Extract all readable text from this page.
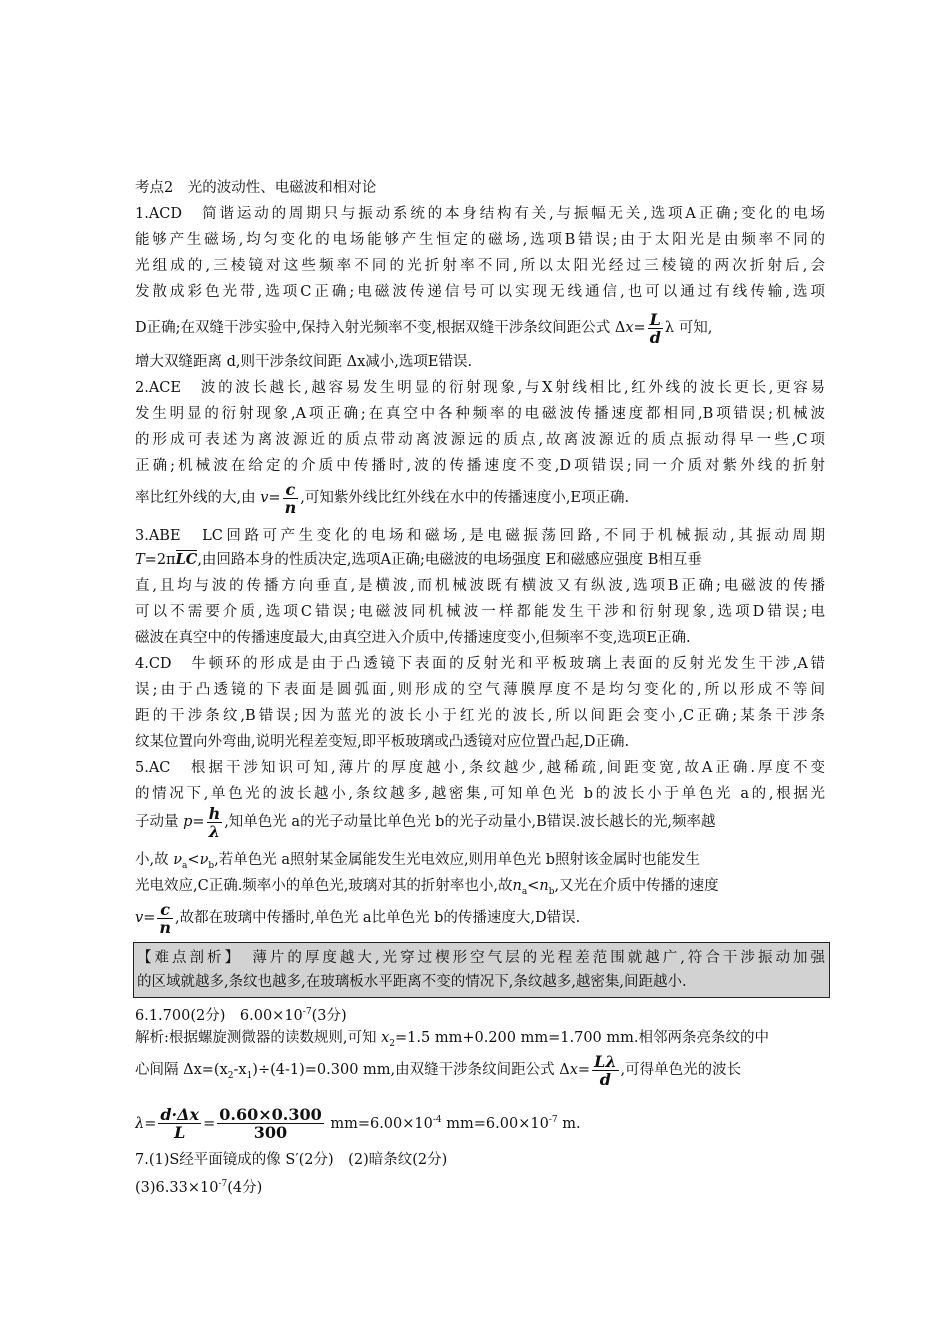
考点2　光的波动性、电磁波和相对论
1.ACD　简谐运动的周期只与振动系统的本身结构有关,与振幅无关,选项A正确;变化的电场
能够产生磁场,均匀变化的电场能够产生恒定的磁场,选项B错误;由于太阳光是由频率不同的
光组成的,三棱镜对这些频率不同的光折射率不同,所以太阳光经过三棱镜的两次折射后,会
发散成彩色光带,选项C正确;电磁波传递信号可以实现无线通信,也可以通过有线传输,选项
D正确;在双缝干涉实验中,保持入射光频率不变,根据双缝干涉条纹间距公式 $\Delta x= \frac{L}{d}$ λ 可知,
增大双缝距离 d,则干涉条纹间距 Δx减小,选项E错误.
2.ACE　波的波长越长,越容易发生明显的衍射现象,与X射线相比,红外线的波长更长,更容易
发生明显的衍射现象,A项正确;在真空中各种频率的电磁波传播速度都相同,B项错误;机械波
的形成可表述为离波源近的质点带动离波源远的质点,故离波源近的质点振动得早一些,C项
正确;机械波在给定的介质中传播时,波的传播速度不变,D项错误;同一介质对紫外线的折射
率比红外线的大,由 $v= \frac{c}{n}$ ,可知紫外线比红外线在水中的传播速度小,E项正确.
3.ABE　LC回路可产生变化的电场和磁场,是电磁振荡回路,不同于机械振动,其振动周期
T=2πLC,由回路本身的性质决定,选项A正确;电磁波的电场强度 E和磁感应强度 B相互垂
直,且均与波的传播方向垂直,是横波,而机械波既有横波又有纵波,选项B正确;电磁波的传播
可以不需要介质,选项C错误;电磁波同机械波一样都能发生干涉和衍射现象,选项D错误;电
磁波在真空中的传播速度最大,由真空进入介质中,传播速度变小,但频率不变,选项E正确.
4.CD　牛顿环的形成是由于凸透镜下表面的反射光和平板玻璃上表面的反射光发生干涉,A错
误;由于凸透镜的下表面是圆弧面,则形成的空气薄膜厚度不是均匀变化的,所以形成不等间
距的干涉条纹,B错误;因为蓝光的波长小于红光的波长,所以间距会变小,C正确;某条干涉条
纹某位置向外弯曲,说明光程差变短,即平板玻璃或凸透镜对应位置凸起,D正确.
5.AC　根据干涉知识可知,薄片的厚度越小,条纹越少,越稀疏,间距变宽,故A正确.厚度不变
的情况下,单色光的波长越小,条纹越多,越密集,可知单色光 b的波长小于单色光 a的,根据光
子动量 $p= \frac{h}{\lambda}$ ,知单色光 a的光子动量比单色光 b的光子动量小,B错误.波长越长的光,频率越
小,故 $\nu_a<\nu_b$,若单色光 a照射某金属能发生光电效应,则用单色光 b照射该金属时也能发生
光电效应,C正确.频率小的单色光,玻璃对其的折射率也小,故$n_a<n_b$,又光在介质中传播的速度
$v= \frac{c}{n}$ ,故都在玻璃中传播时,单色光 a比单色光 b的传播速度大,D错误.
【难点剖析】　薄片的厚度越大,光穿过楔形空气层的光程差范围就越广,符合干涉振动加强
的区域就越多,条纹也越多,在玻璃板水平距离不变的情况下,条纹越多,越密集,间距越小.
6.1.700(2分)　$6.00\times 10^{-7}(3$分)
解析:根据螺旋测微器的读数规则,可知 $x_2=1.5$ mm+0.200 mm=1.700 mm.相邻两条亮条纹的中
心间隔 $\Delta x=(x_2-x_1)\div(4-1)=0.300$ mm,由双缝干涉条纹间距公式 $\Delta x= \frac{L\lambda}{d}$ ,可得单色光的波长
$\lambda= \frac{d\cdot\Delta x}{L} = \frac{0.60\times 0.300}{300} mm=6.00\times 10^{-4}$ $mm=6.00\times 10^{-7}$ m.
7.(1)S经平面镜成的像 S′(2分)　(2)暗条纹(2分)
$(3)6.33\times 10^{-7}(4$分)
